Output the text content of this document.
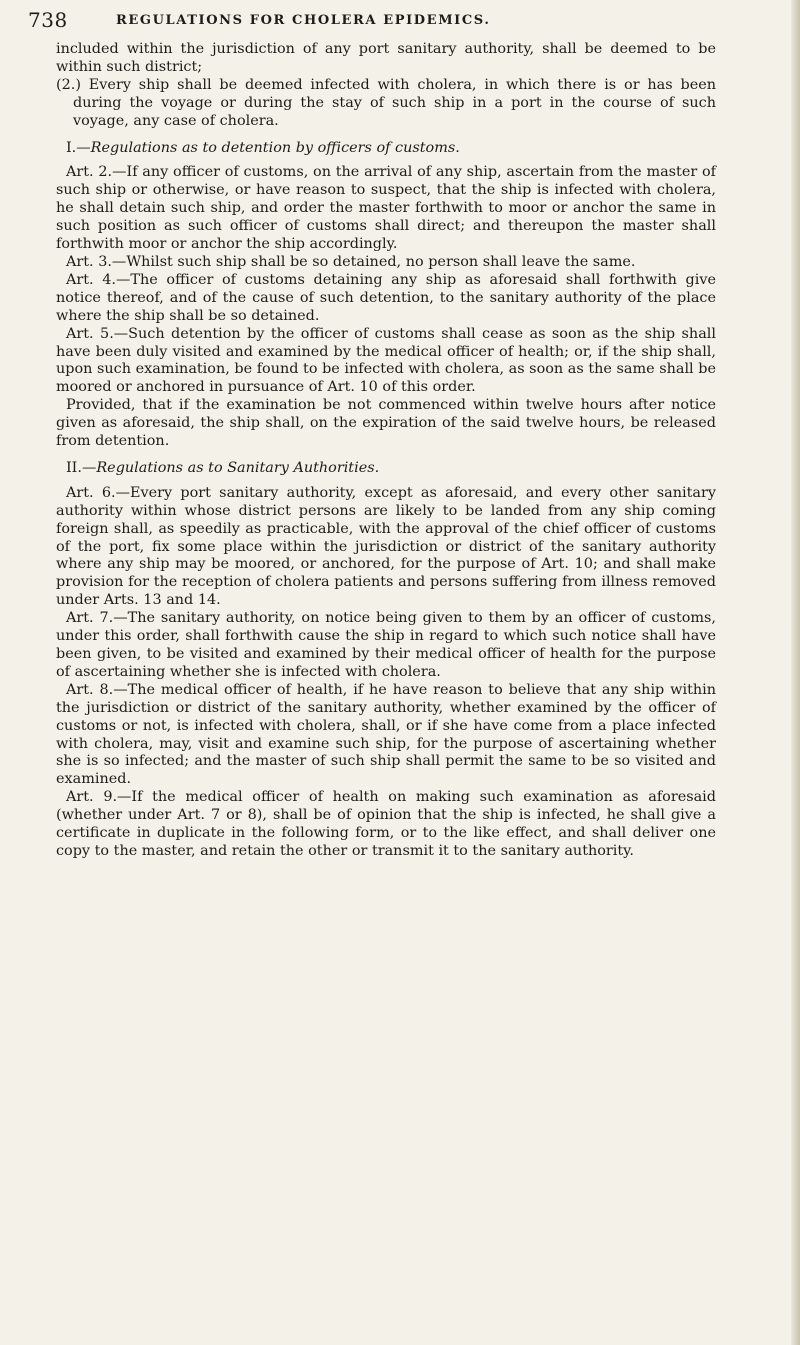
738	REGULATIONS FOR CHOLERA EPIDEMICS.

included within the jurisdiction of any port sanitary authority, shall be deemed to be within such district;

(2.) Every ship shall be deemed infected with cholera, in which there is or has been during the voyage or during the stay of such ship in a port in the course of such voyage, any case of cholera.

I.—Regulations as to detention by officers of customs.

Art. 2.—If any officer of customs, on the arrival of any ship, ascertain from the master of such ship or otherwise, or have reason to suspect, that the ship is infected with cholera, he shall detain such ship, and order the master forthwith to moor or anchor the same in such position as such officer of customs shall direct; and thereupon the master shall forthwith moor or anchor the ship accordingly.

Art. 3.—Whilst such ship shall be so detained, no person shall leave the same.

Art. 4.—The officer of customs detaining any ship as aforesaid shall forthwith give notice thereof, and of the cause of such detention, to the sanitary authority of the place where the ship shall be so detained.

Art. 5.—Such detention by the officer of customs shall cease as soon as the ship shall have been duly visited and examined by the medical officer of health; or, if the ship shall, upon such examination, be found to be infected with cholera, as soon as the same shall be moored or anchored in pursuance of Art. 10 of this order.

Provided, that if the examination be not commenced within twelve hours after notice given as aforesaid, the ship shall, on the expiration of the said twelve hours, be released from detention.

II.—Regulations as to Sanitary Authorities.

Art. 6.—Every port sanitary authority, except as aforesaid, and every other sanitary authority within whose district persons are likely to be landed from any ship coming foreign shall, as speedily as practicable, with the approval of the chief officer of customs of the port, fix some place within the jurisdiction or district of the sanitary authority where any ship may be moored, or anchored, for the purpose of Art. 10; and shall make provision for the reception of cholera patients and persons suffering from illness removed under Arts. 13 and 14.

Art. 7.—The sanitary authority, on notice being given to them by an officer of customs, under this order, shall forthwith cause the ship in regard to which such notice shall have been given, to be visited and examined by their medical officer of health for the purpose of ascertaining whether she is infected with cholera.

Art. 8.—The medical officer of health, if he have reason to believe that any ship within the jurisdiction or district of the sanitary authority, whether examined by the officer of customs or not, is infected with cholera, shall, or if she have come from a place infected with cholera, may, visit and examine such ship, for the purpose of ascertaining whether she is so infected; and the master of such ship shall permit the same to be so visited and examined.

Art. 9.—If the medical officer of health on making such examination as aforesaid (whether under Art. 7 or 8), shall be of opinion that the ship is infected, he shall give a certificate in duplicate in the following form, or to the like effect, and shall deliver one copy to the master, and retain the other or transmit it to the sanitary authority.
